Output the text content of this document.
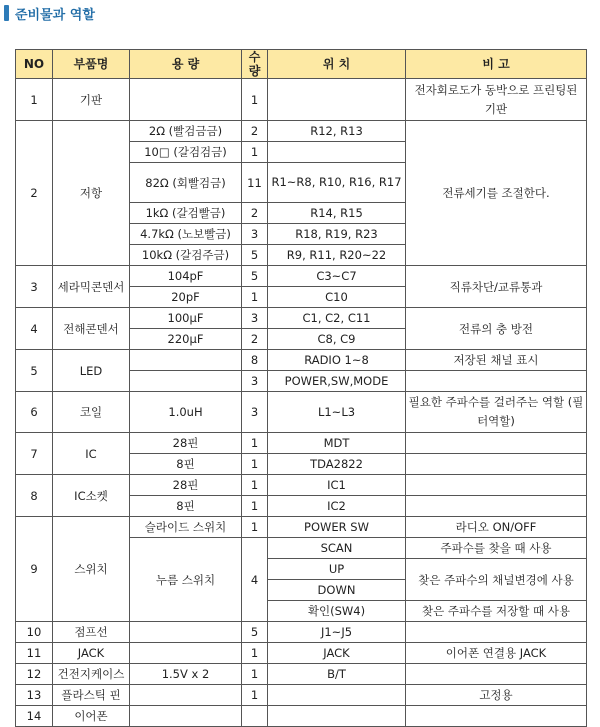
준비물과 역할
NO	부품명	용 량	수량	위 치	비 고
1	기판		1		전자회로도가 동박으로 프린팅된 기판
2	저항	2Ω (빨검금금)	2	R12, R13	전류세기를 조절한다.
		10□ (갈검검금)	1		
		82Ω (회빨검금)	11	R1~R8, R10, R16, R17	
		1kΩ (갈검빨금)	2	R14, R15	
		4.7kΩ (노보빨금)	3	R18, R19, R23	
		10kΩ (갈검주금)	5	R9, R11, R20~22	
3	세라믹콘덴서	104pF	5	C3~C7	직류차단/교류통과
		20pF	1	C10	
4	전해콘덴서	100μF	3	C1, C2, C11	전류의 충 방전
		220μF	2	C8, C9	
5	LED		8	RADIO 1~8	저장된 채널 표시
			3	POWER,SW,MODE	
6	코일	1.0uH	3	L1~L3	필요한 주파수를 걸러주는 역할 (필터역할)
7	IC	28핀	1	MDT	
		8핀	1	TDA2822	
8	IC소켓	28핀	1	IC1	
		8핀	1	IC2	
9	스위치	슬라이드 스위치	1	POWER SW	라디오 ON/OFF
		누름 스위치	4	SCAN	주파수를 찾을 때 사용
				UP	찾은 주파수의 채널변경에 사용
				DOWN	
				확인(SW4)	찾은 주파수를 저장할 때 사용
10	점프선		5	J1~J5	
11	JACK		1	JACK	이어폰 연결용 JACK
12	건전지케이스	1.5V x 2	1	B/T	
13	플라스틱 핀		1		고정용
14	이어폰				
